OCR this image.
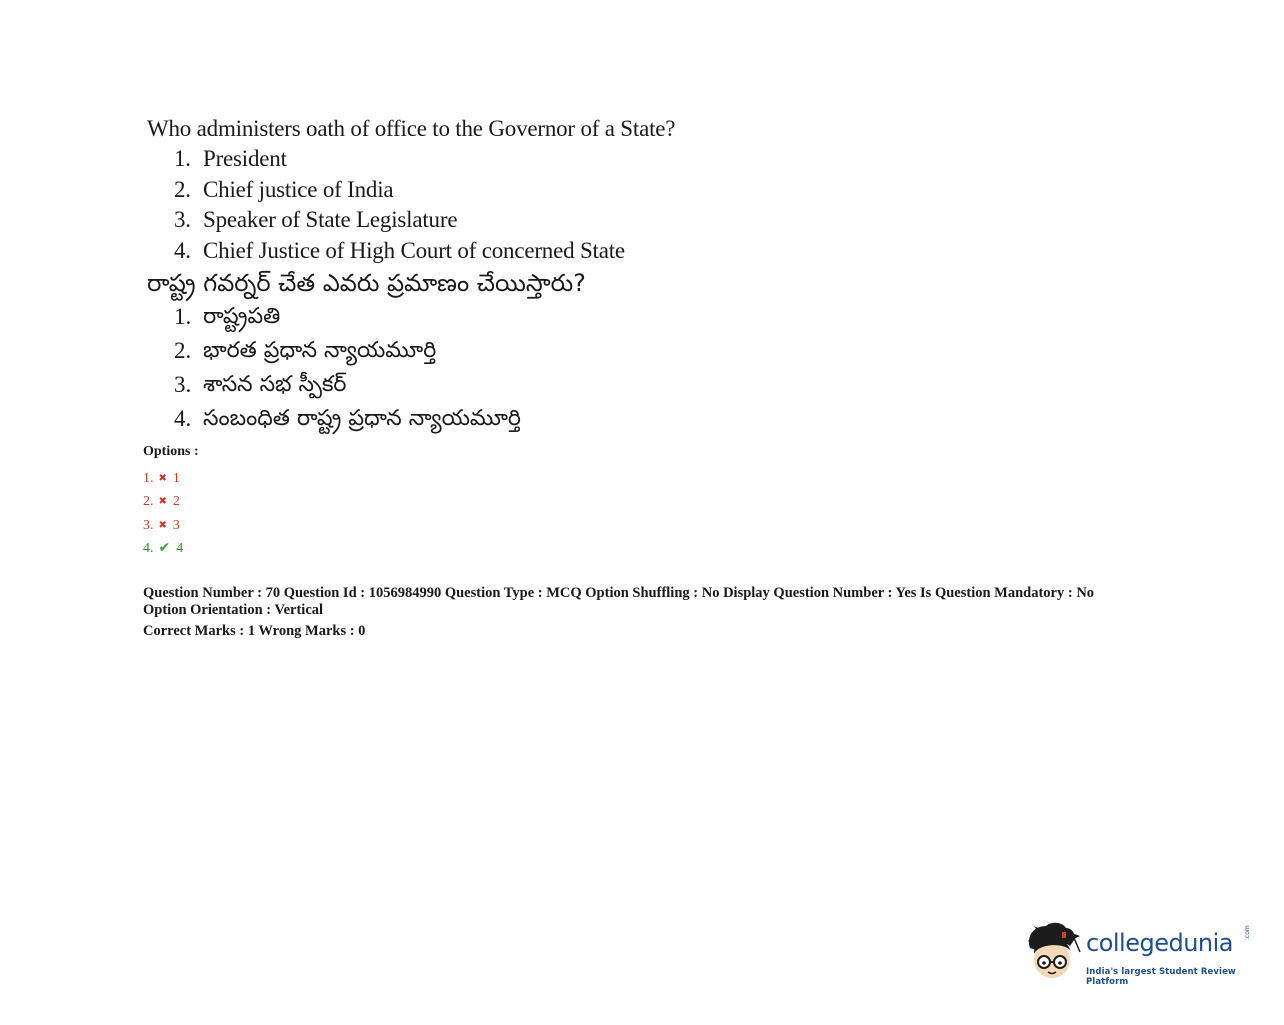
Who administers oath of office to the Governor of a State?

1. President
2. Chief justice of India
3. Speaker of State Legislature
4. Chief Justice of High Court of concerned State

రాష్ట్ర గవర్నర్ చేత ఎవరు ప్రమాణం చేయిస్తారు?

1. రాష్ట్రపతి
2. భారత ప్రధాన న్యాయమూర్తి
3. శాసన సభ స్పీకర్
4. సంబంధిత రాష్ట్ర ప్రధాన న్యాయమూర్తి

Options :

1. ✖ 1
2. ✖ 2
3. ✖ 3
4. ✔ 4

Question Number : 70 Question Id : 1056984990 Question Type : MCQ Option Shuffling : No Display Question Number : Yes Is Question Mandatory : No

Option Orientation : Vertical

Correct Marks : 1 Wrong Marks : 0

collegedunia .com
India's largest Student Review Platform
